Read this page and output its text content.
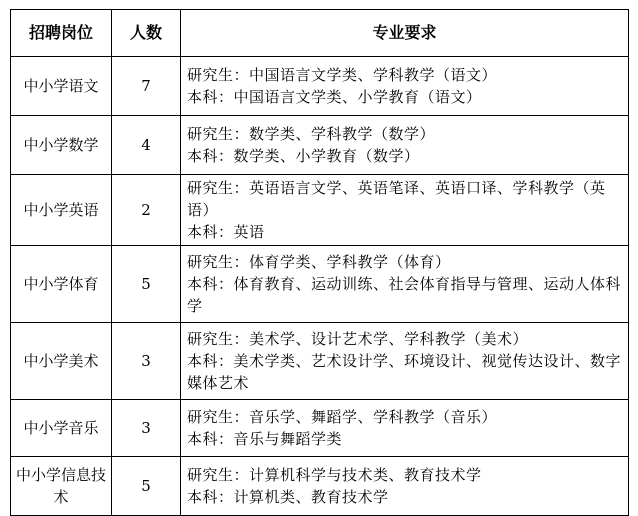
招聘岗位	人数	专业要求
中小学语文	7	研究生：中国语言文学类、学科教学（语文）
本科：中国语言文学类、小学教育（语文）

中小学数学	4	研究生：数学类、学科教学（数学）
本科：数学类、小学教育（数学）

中小学英语	2	研究生：英语语言文学、英语笔译、英语口译、学科教学（英语）
本科：英语

中小学体育	5	研究生：体育学类、学科教学（体育）
本科：体育教育、运动训练、社会体育指导与管理、运动人体科学

中小学美术	3	研究生：美术学、设计艺术学、学科教学（美术）
本科：美术学类、艺术设计学、环境设计、视觉传达设计、数字媒体艺术

中小学音乐	3	研究生：音乐学、舞蹈学、学科教学（音乐）
本科：音乐与舞蹈学类

中小学信息技术	5	研究生：计算机科学与技术类、教育技术学
本科：计算机类、教育技术学
